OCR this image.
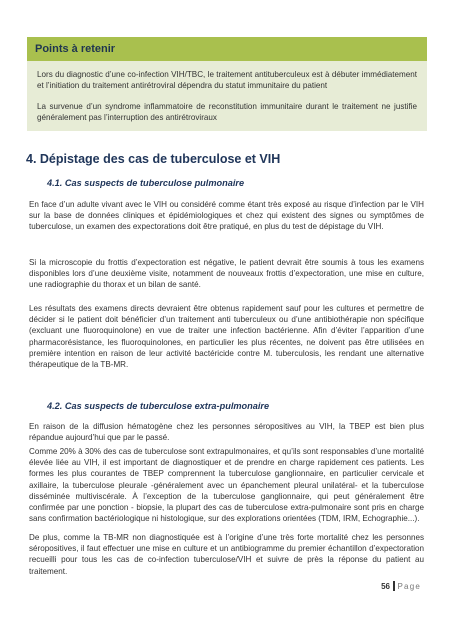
Points à retenir

Lors du diagnostic d’une co-infection VIH/TBC, le traitement antituberculeux est à débuter immédiatement et l’initiation du traitement antirétroviral dépendra du statut immunitaire du patient

La survenue d’un syndrome inflammatoire de reconstitution immunitaire durant le traitement ne justifie généralement pas l’interruption des antirétroviraux

4. Dépistage des cas de tuberculose et VIH
4.1. Cas suspects de tuberculose pulmonaire

En face d’un adulte vivant avec le VIH ou considéré comme étant très exposé au risque d’infection par le VIH sur la base de données cliniques et épidémiologiques et chez qui existent des signes ou symptômes de tuberculose, un examen des expectorations doit être pratiqué, en plus du test de dépistage du VIH.

Si la microscopie du frottis d’expectoration est négative, le patient devrait être soumis à tous les examens disponibles lors d’une deuxième visite, notamment de nouveaux frottis d’expectoration, une mise en culture, une radiographie du thorax et un bilan de santé.

Les résultats des examens directs devraient être obtenus rapidement sauf pour les cultures et permettre de décider si le patient doit bénéficier d’un traitement anti tuberculeux ou d’une antibiothérapie non spécifique (excluant une fluoroquinolone) en vue de traiter une infection bactérienne. Afin d’éviter l’apparition d’une pharmacorésistance, les fluoroquinolones, en particulier les plus récentes, ne doivent pas être utilisées en première intention en raison de leur activité bactéricide contre M. tuberculosis, les rendant une alternative thérapeutique de la TB-MR.

4.2. Cas suspects de tuberculose extra-pulmonaire

En raison de la diffusion hématogène chez les personnes séropositives au VIH, la TBEP est bien plus répandue aujourd’hui que par le passé.

Comme 20% à 30% des cas de tuberculose sont extrapulmonaires, et qu’ils sont responsables d’une mortalité élevée liée au VIH, il est important de diagnostiquer et de prendre en charge rapidement ces patients. Les formes les plus courantes de TBEP comprennent la tuberculose ganglionnaire, en particulier cervicale et axillaire, la tuberculose pleurale -généralement avec un épanchement pleural unilatéral- et la tuberculose disséminée multiviscérale. À l’exception de la tuberculose ganglionnaire, qui peut généralement être confirmée par une ponction - biopsie, la plupart des cas de tuberculose extra-pulmonaire sont pris en charge sans confirmation bactériologique ni histologique, sur des explorations orientées (TDM, IRM, Echographie...).

De plus, comme la TB-MR non diagnostiquée est à l’origine d’une très forte mortalité chez les personnes séropositives, il faut effectuer une mise en culture et un antibiogramme du premier échantillon d’expectoration recueilli pour tous les cas de co-infection tuberculose/VIH et suivre de près la réponse du patient au traitement.

56 Page
